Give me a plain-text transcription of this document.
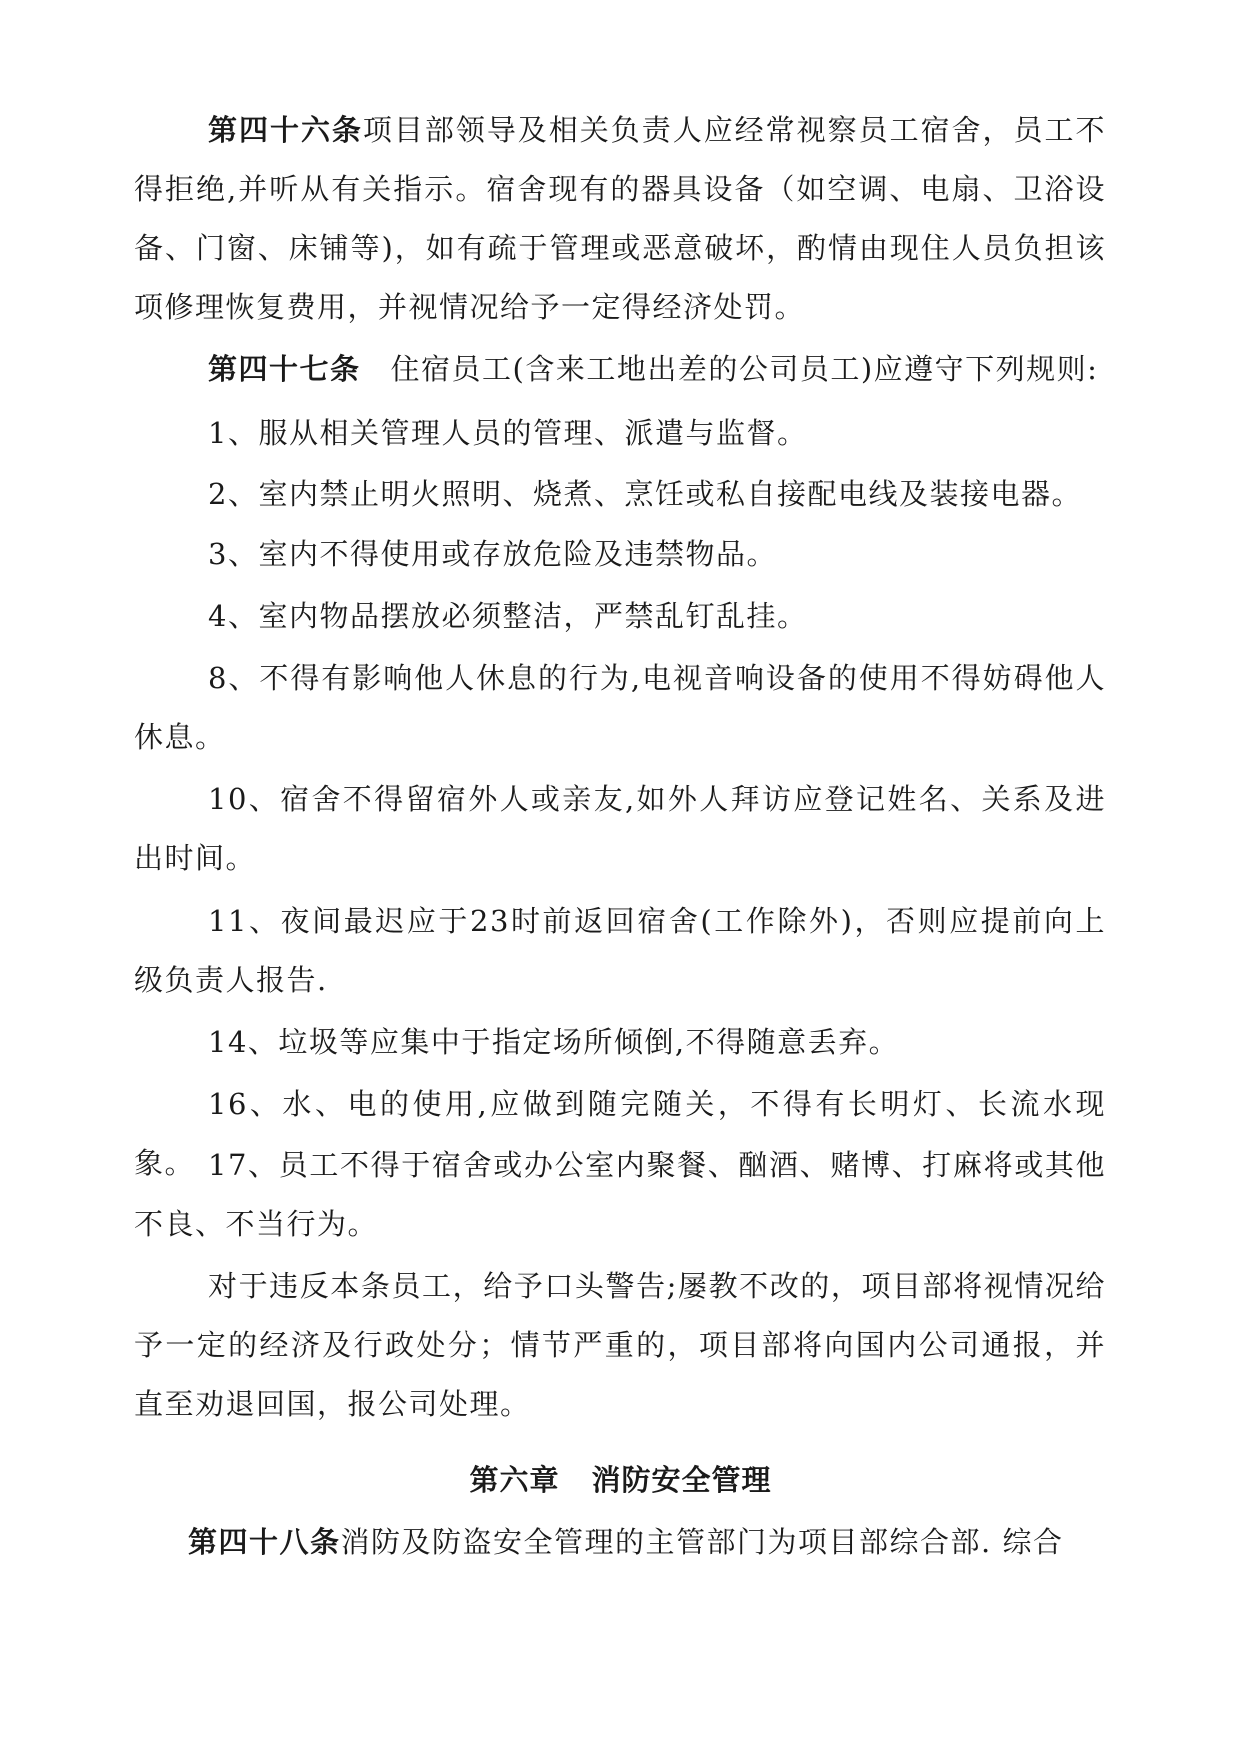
第四十六条项目部领导及相关负责人应经常视察员工宿舍，员工不得拒绝,并听从有关指示。宿舍现有的器具设备（如空调、电扇、卫浴设备、门窗、床铺等)，如有疏于管理或恶意破坏，酌情由现住人员负担该项修理恢复费用，并视情况给予一定得经济处罚。

第四十七条 住宿员工(含来工地出差的公司员工)应遵守下列规则:

1、服从相关管理人员的管理、派遣与监督。

2、室内禁止明火照明、烧煮、烹饪或私自接配电线及装接电器。

3、室内不得使用或存放危险及违禁物品。

4、室内物品摆放必须整洁，严禁乱钉乱挂。

8、不得有影响他人休息的行为,电视音响设备的使用不得妨碍他人休息。

10、宿舍不得留宿外人或亲友,如外人拜访应登记姓名、关系及进出时间。

11、夜间最迟应于23时前返回宿舍(工作除外)，否则应提前向上级负责人报告.

14、垃圾等应集中于指定场所倾倒,不得随意丢弃。

16、水、电的使用,应做到随完随关，不得有长明灯、长流水现象。 17、员工不得于宿舍或办公室内聚餐、酗酒、赌博、打麻将或其他不良、不当行为。

对于违反本条员工，给予口头警告;屡教不改的，项目部将视情况给予一定的经济及行政处分；情节严重的，项目部将向国内公司通报，并直至劝退回国，报公司处理。

第六章 消防安全管理

第四十八条消防及防盗安全管理的主管部门为项目部综合部. 综合
